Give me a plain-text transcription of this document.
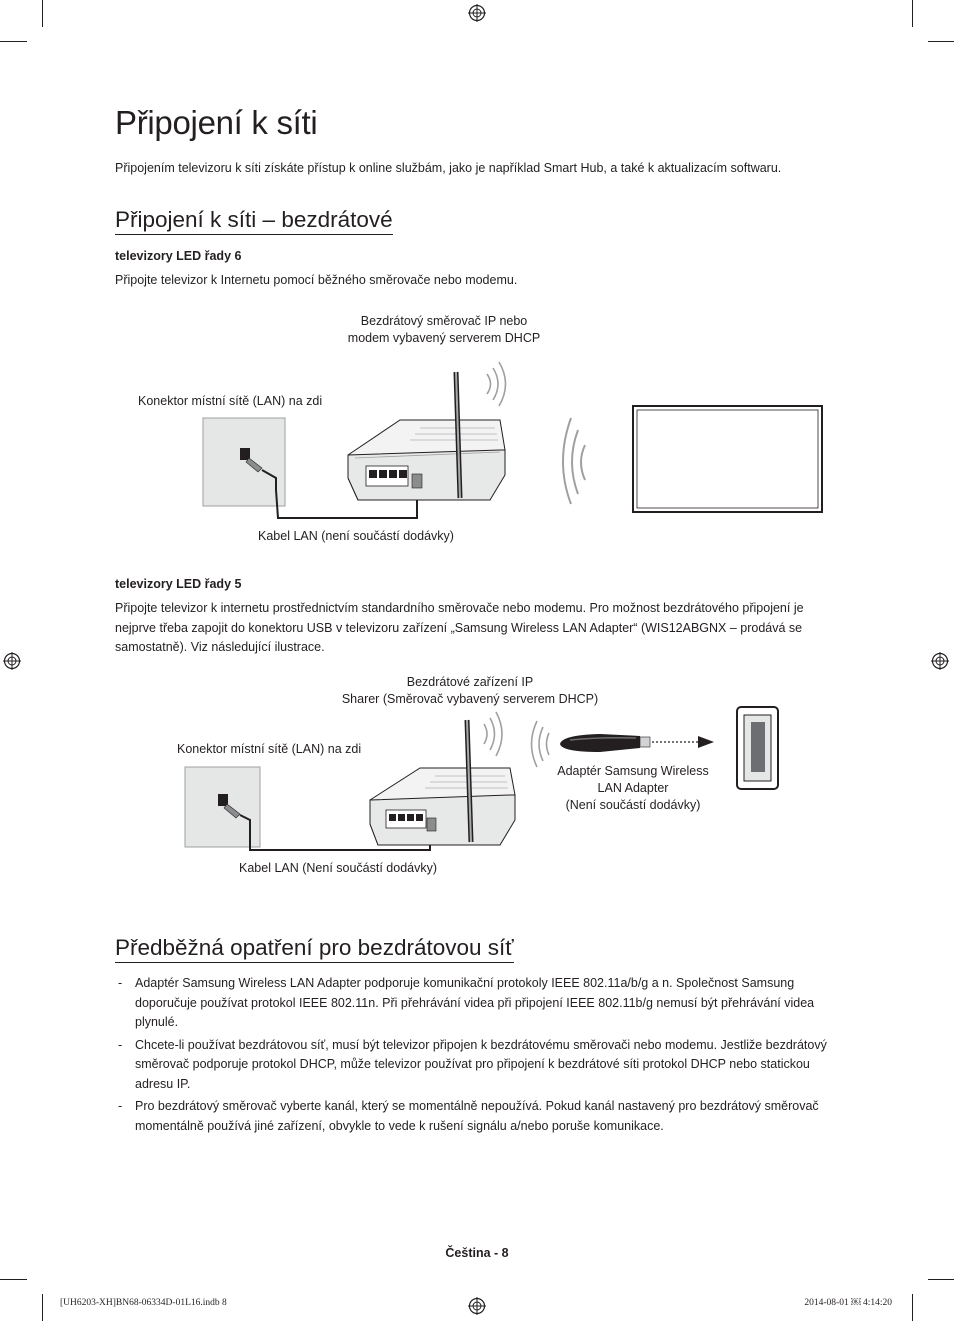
Připojení k síti
Připojením televizoru k síti získáte přístup k online službám, jako je například Smart Hub, a také k aktualizacím softwaru.
Připojení k síti – bezdrátové
televizory LED řady 6
Připojte televizor k Internetu pomocí běžného směrovače nebo modemu.
Bezdrátový směrovač IP nebo
modem vybavený serverem DHCP
Konektor místní sítě (LAN) na zdi
Kabel LAN (není součástí dodávky)
televizory LED řady 5
Připojte televizor k internetu prostřednictvím standardního směrovače nebo modemu. Pro možnost bezdrátového připojení je
nejprve třeba zapojit do konektoru USB v televizoru zařízení „Samsung Wireless LAN Adapter“ (WIS12ABGNX – prodává se
samostatně). Viz následující ilustrace.
Bezdrátové zařízení IP
Sharer (Směrovač vybavený serverem DHCP)
Konektor místní sítě (LAN) na zdi
Adaptér Samsung Wireless
LAN Adapter
(Není součástí dodávky)
Kabel LAN (Není součástí dodávky)
Předběžná opatření pro bezdrátovou síť
- Adaptér Samsung Wireless LAN Adapter podporuje komunikační protokoly IEEE 802.11a/b/g a n. Společnost Samsung doporučuje používat protokol IEEE 802.11n. Při přehrávání videa při připojení IEEE 802.11b/g nemusí být přehrávání videa plynulé.
- Chcete-li používat bezdrátovou síť, musí být televizor připojen k bezdrátovému směrovači nebo modemu. Jestliže bezdrátový směrovač podporuje protokol DHCP, může televizor používat pro připojení k bezdrátové síti protokol DHCP nebo statickou adresu IP.
- Pro bezdrátový směrovač vyberte kanál, který se momentálně nepoužívá. Pokud kanál nastavený pro bezdrátový směrovač momentálně používá jiné zařízení, obvykle to vede k rušení signálu a/nebo poruše komunikace.
Čeština - 8
[UH6203-XH]BN68-06334D-01L16.indb 8	2014-08-01 ￼ 4:14:20
